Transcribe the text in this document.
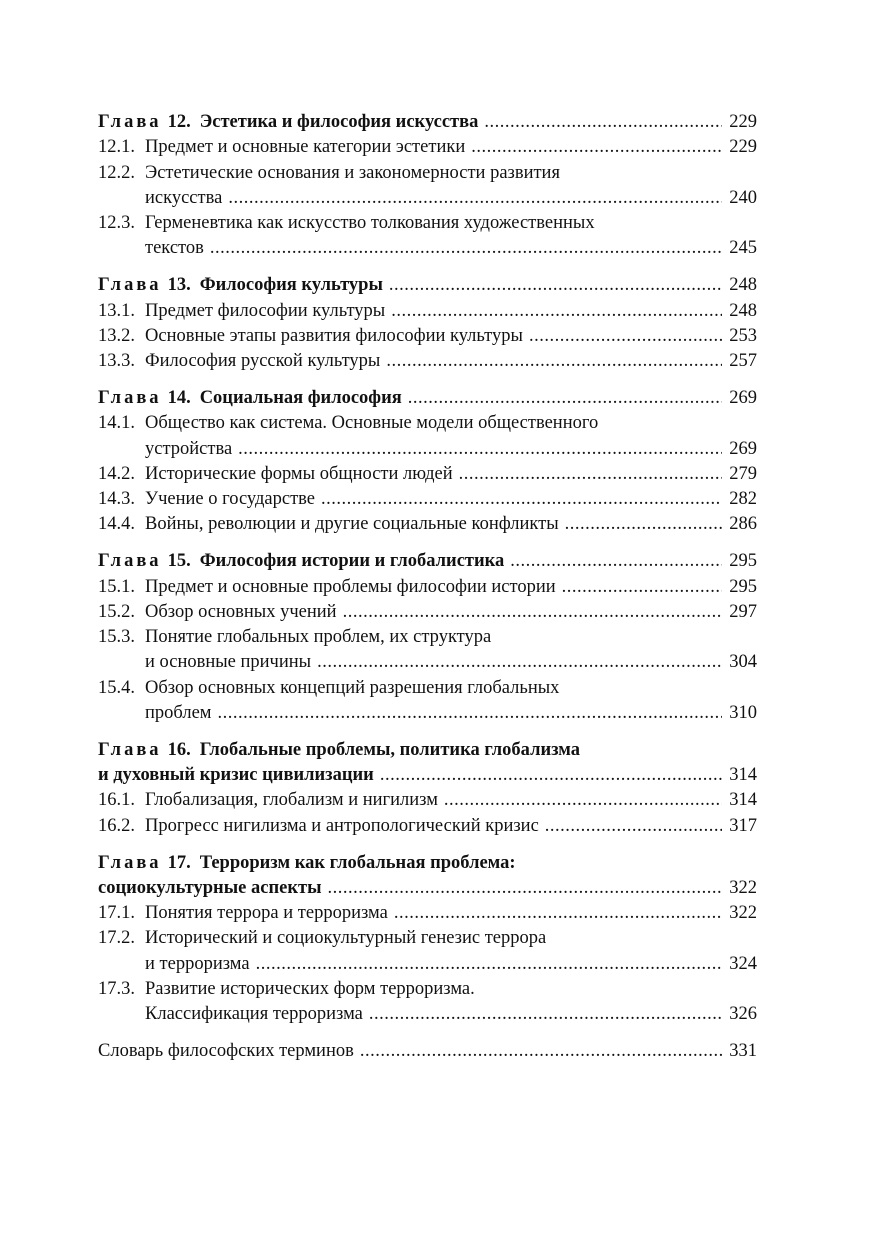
Глава 12. Эстетика и философия искусства .....	229
12.1. Предмет и основные категории эстетики .....	229
12.2. Эстетические основания и закономерности развития
искусства .....	240
12.3. Герменевтика как искусство толкования художественных
текстов .....	245
Глава 13. Философия культуры .....	248
13.1. Предмет философии культуры .....	248
13.2. Основные этапы развития философии культуры .....	253
13.3. Философия русской культуры .....	257
Глава 14. Социальная философия .....	269
14.1. Общество как система. Основные модели общественного
устройства .....	269
14.2. Исторические формы общности людей .....	279
14.3. Учение о государстве .....	282
14.4. Войны, революции и другие социальные конфликты .....	286
Глава 15. Философия истории и глобалистика .....	295
15.1. Предмет и основные проблемы философии истории .....	295
15.2. Обзор основных учений .....	297
15.3. Понятие глобальных проблем, их структура
и основные причины .....	304
15.4. Обзор основных концепций разрешения глобальных
проблем .....	310
Глава 16. Глобальные проблемы, политика глобализма
и духовный кризис цивилизации .....	314
16.1. Глобализация, глобализм и нигилизм .....	314
16.2. Прогресс нигилизма и антропологический кризис .....	317
Глава 17. Терроризм как глобальная проблема:
социокультурные аспекты .....	322
17.1. Понятия террора и терроризма .....	322
17.2. Исторический и социокультурный генезис террора
и терроризма .....	324
17.3. Развитие исторических форм терроризма.
Классификация терроризма .....	326
Словарь философских терминов .....	331
